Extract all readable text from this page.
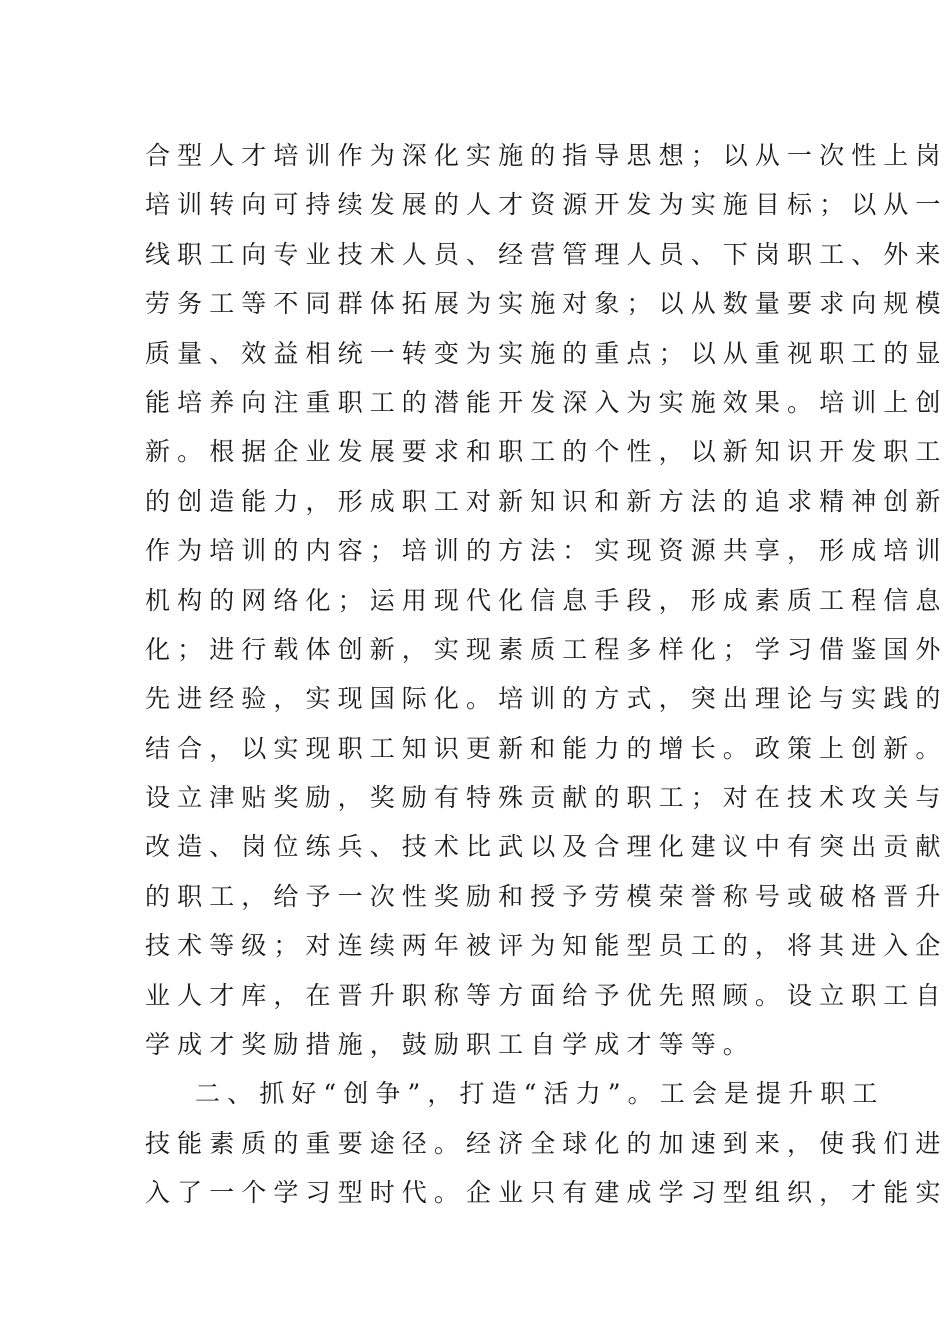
合型人才培训作为深化实施的指导思想；以从一次性上岗
培训转向可持续发展的人才资源开发为实施目标；以从一
线职工向专业技术人员、经营管理人员、下岗职工、外来
劳务工等不同群体拓展为实施对象；以从数量要求向规模
质量、效益相统一转变为实施的重点；以从重视职工的显
能培养向注重职工的潜能开发深入为实施效果。培训上创
新。根据企业发展要求和职工的个性，以新知识开发职工
的创造能力，形成职工对新知识和新方法的追求精神创新
作为培训的内容；培训的方法：实现资源共享，形成培训
机构的网络化；运用现代化信息手段，形成素质工程信息
化；进行载体创新，实现素质工程多样化；学习借鉴国外
先进经验，实现国际化。培训的方式，突出理论与实践的
结合，以实现职工知识更新和能力的增长。政策上创新。
设立津贴奖励，奖励有特殊贡献的职工；对在技术攻关与
改造、岗位练兵、技术比武以及合理化建议中有突出贡献
的职工，给予一次性奖励和授予劳模荣誉称号或破格晋升
技术等级；对连续两年被评为知能型员工的，将其进入企
业人才库，在晋升职称等方面给予优先照顾。设立职工自
学成才奖励措施，鼓励职工自学成才等等。
二、抓好“创争”，打造“活力”。工会是提升职工
技能素质的重要途径。经济全球化的加速到来，使我们进
入了一个学习型时代。企业只有建成学习型组织，才能实
